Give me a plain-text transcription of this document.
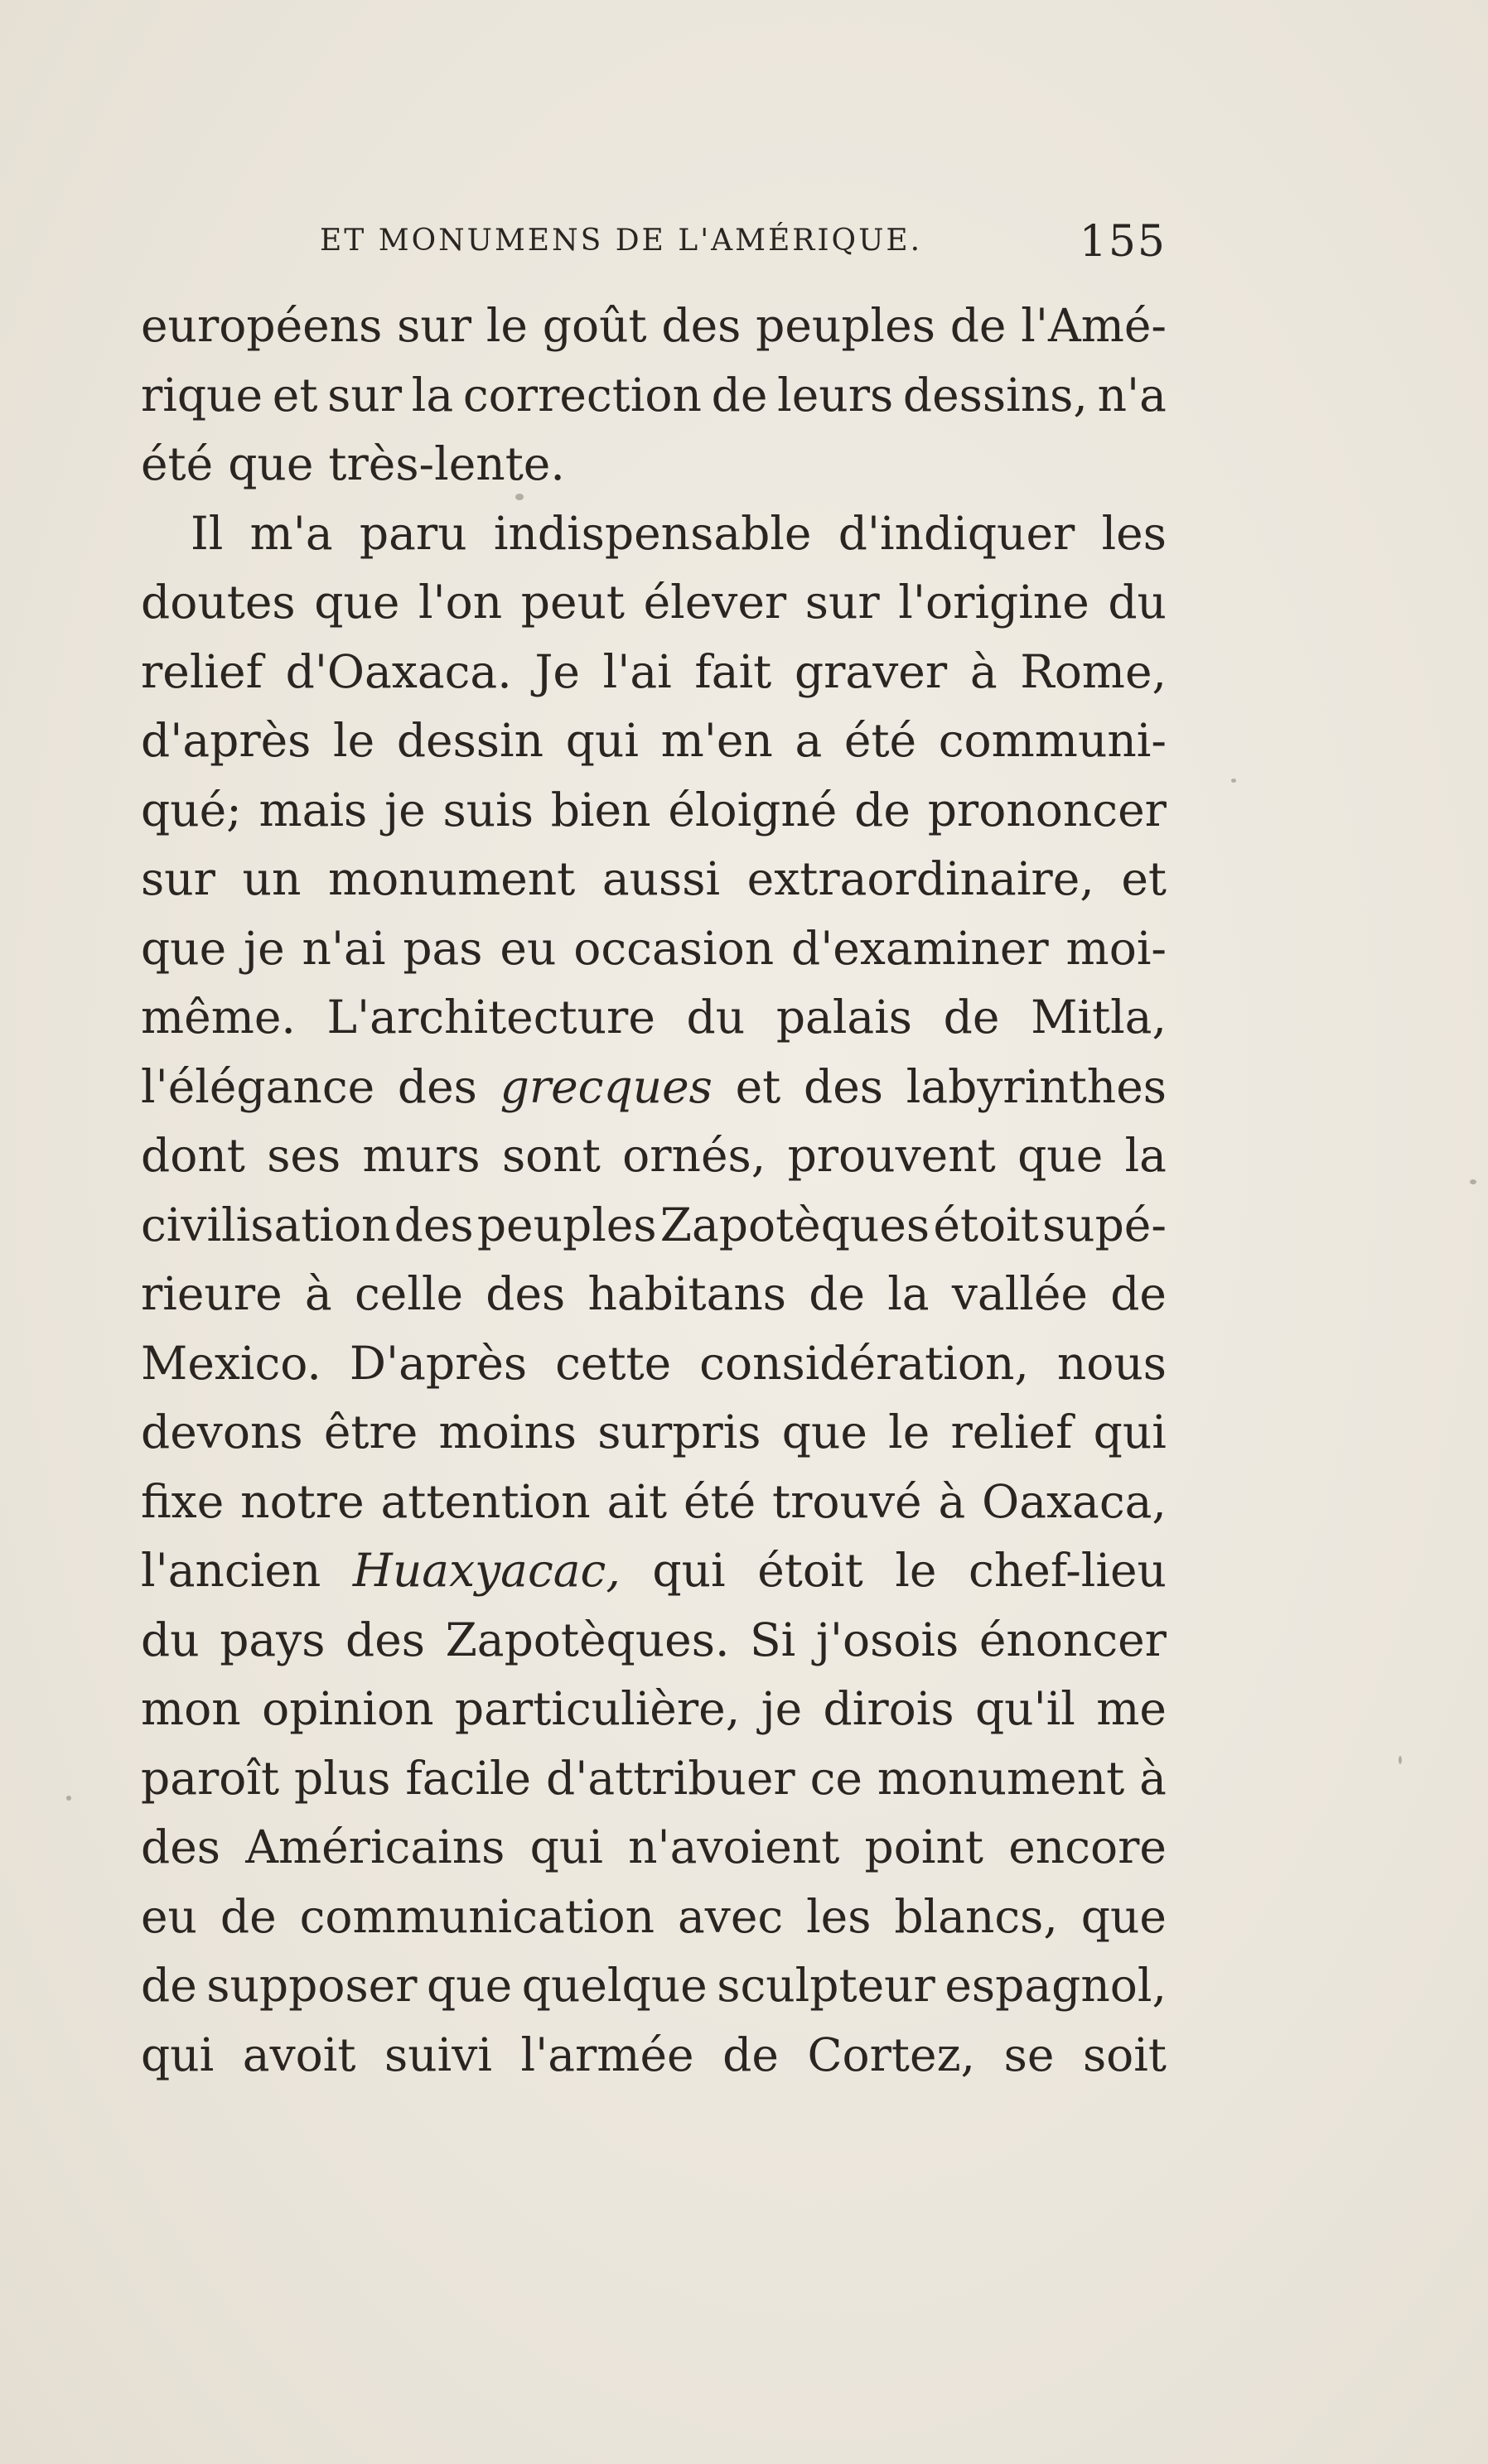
ET MONUMENS DE L'AMÉRIQUE.	155
européens sur le goût des peuples de l'Amé-
rique et sur la correction de leurs dessins, n'a
été que très-lente.
Il m'a paru indispensable d'indiquer les
doutes que l'on peut élever sur l'origine du
relief d'Oaxaca. Je l'ai fait graver à Rome,
d'après le dessin qui m'en a été communi-
qué; mais je suis bien éloigné de prononcer
sur un monument aussi extraordinaire, et
que je n'ai pas eu occasion d'examiner moi-
même. L'architecture du palais de Mitla,
l'élégance des grecques et des labyrinthes
dont ses murs sont ornés, prouvent que la
civilisation des peuples Zapotèques étoit supé-
rieure à celle des habitans de la vallée de
Mexico. D'après cette considération, nous
devons être moins surpris que le relief qui
fixe notre attention ait été trouvé à Oaxaca,
l'ancien Huaxyacac, qui étoit le chef-lieu
du pays des Zapotèques. Si j'osois énoncer
mon opinion particulière, je dirois qu'il me
paroît plus facile d'attribuer ce monument à
des Américains qui n'avoient point encore
eu de communication avec les blancs, que
de supposer que quelque sculpteur espagnol,
qui avoit suivi l'armée de Cortez, se soit
